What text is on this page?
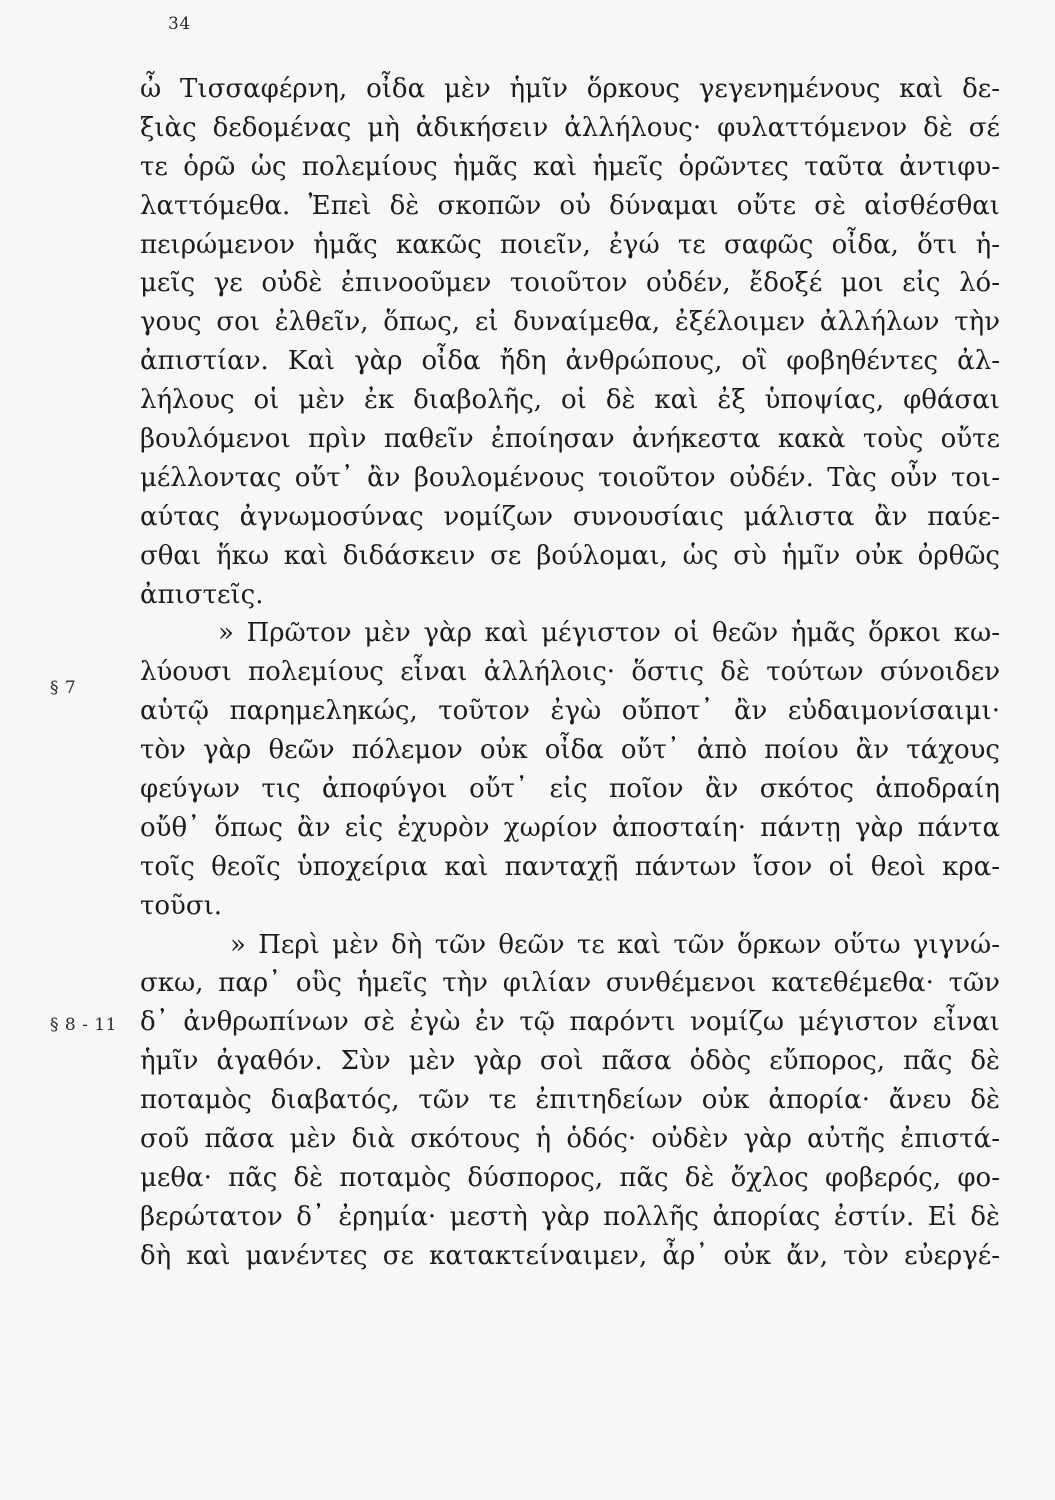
34
§ 7
§ 8 - 11
ὦ Τισσαφέρνη, οἶδα μὲν ἡμῖν ὅρκους γεγενημένους καὶ δε-
ξιὰς δεδομένας μὴ ἀδικήσειν ἀλλήλους· φυλαττόμενον δὲ σέ
τε ὁρῶ ὡς πολεμίους ἡμᾶς καὶ ἡμεῖς ὁρῶντες ταῦτα ἀντιφυ-
λαττόμεθα. Ἐπεὶ δὲ σκοπῶν οὐ δύναμαι οὔτε σὲ αἰσθέσθαι
πειρώμενον ἡμᾶς κακῶς ποιεῖν, ἐγώ τε σαφῶς οἶδα, ὅτι ἡ-
μεῖς γε οὐδὲ ἐπινοοῦμεν τοιοῦτον οὐδέν, ἔδοξέ μοι εἰς λό-
γους σοι ἐλθεῖν, ὅπως, εἰ δυναίμεθα, ἐξέλοιμεν ἀλλήλων τὴν
ἀπιστίαν. Καὶ γὰρ οἶδα ἤδη ἀνθρώπους, οἳ φοβηθέντες ἀλ-
λήλους οἱ μὲν ἐκ διαβολῆς, οἱ δὲ καὶ ἐξ ὑποψίας, φθάσαι
βουλόμενοι πρὶν παθεῖν ἐποίησαν ἀνήκεστα κακὰ τοὺς οὔτε
μέλλοντας οὔτ᾽ ἂν βουλομένους τοιοῦτον οὐδέν. Τὰς οὖν τοι-
αύτας ἀγνωμοσύνας νομίζων συνουσίαις μάλιστα ἂν παύε-
σθαι ἥκω καὶ διδάσκειν σε βούλομαι, ὡς σὺ ἡμῖν οὐκ ὀρθῶς
ἀπιστεῖς.
» Πρῶτον μὲν γὰρ καὶ μέγιστον οἱ θεῶν ἡμᾶς ὅρκοι κω-
λύουσι πολεμίους εἶναι ἀλλήλοις· ὅστις δὲ τούτων σύνοιδεν
αὑτῷ παρημεληκώς, τοῦτον ἐγὼ οὔποτ᾽ ἂν εὐδαιμονίσαιμι·
τὸν γὰρ θεῶν πόλεμον οὐκ οἶδα οὔτ᾽ ἀπὸ ποίου ἂν τάχους
φεύγων τις ἀποφύγοι οὔτ᾽ εἰς ποῖον ἂν σκότος ἀποδραίη
οὔθ᾽ ὅπως ἂν εἰς ἐχυρὸν χωρίον ἀποσταίη· πάντῃ γὰρ πάντα
τοῖς θεοῖς ὑποχείρια καὶ πανταχῇ πάντων ἴσον οἱ θεοὶ κρα-
τοῦσι.
» Περὶ μὲν δὴ τῶν θεῶν τε καὶ τῶν ὅρκων οὕτω γιγνώ-
σκω, παρ᾽ οὓς ἡμεῖς τὴν φιλίαν συνθέμενοι κατεθέμεθα· τῶν
δ᾽ ἀνθρωπίνων σὲ ἐγὼ ἐν τῷ παρόντι νομίζω μέγιστον εἶναι
ἡμῖν ἀγαθόν. Σὺν μὲν γὰρ σοὶ πᾶσα ὁδὸς εὔπορος, πᾶς δὲ
ποταμὸς διαβατός, τῶν τε ἐπιτηδείων οὐκ ἀπορία· ἄνευ δὲ
σοῦ πᾶσα μὲν διὰ σκότους ἡ ὁδός· οὐδὲν γὰρ αὐτῆς ἐπιστά-
μεθα· πᾶς δὲ ποταμὸς δύσπορος, πᾶς δὲ ὄχλος φοβερός, φο-
βερώτατον δ᾽ ἐρημία· μεστὴ γὰρ πολλῆς ἀπορίας ἐστίν. Εἰ δὲ
δὴ καὶ μανέντες σε κατακτείναιμεν, ἆρ᾽ οὐκ ἄν, τὸν εὐεργέ-
